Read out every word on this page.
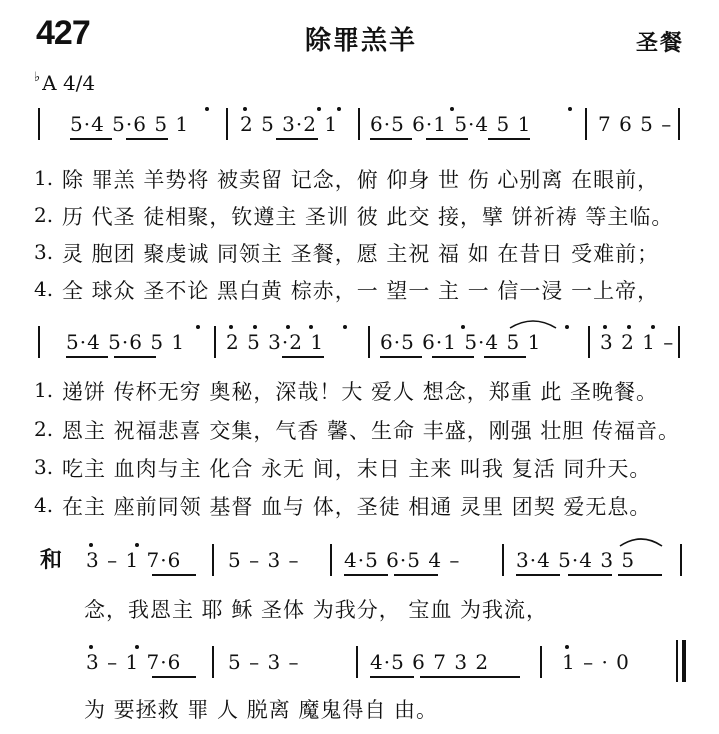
427	除罪羔羊	圣餐
♭ A 4/4
5·4 5·6 5 1	2 5 3·2 1 6·5 6·1 5·4 5 1	7 6 5 –
1. 除 罪羔 羊势将 被卖留 记念，俯 仰身 世 伤 心别离 在眼前，
2. 历 代圣 徒相聚，钦遵主 圣训 彼 此交 接，擘 饼祈祷 等主临。
3. 灵 胞团 聚虔诚 同领主 圣餐，愿 主祝 福 如 在昔日 受难前；
4. 全 球众 圣不论 黑白黄 棕赤，一 望一 主 一 信一浸 一上帝，
5·4 5·6 5 1 2 5 3·2 1	6·5 6·1 5·4 5 1	3 2 1 –
1. 递饼 传杯无穷 奥秘，深哉！大 爱人 想念，郑重 此 圣晚餐。
2. 恩主 祝福悲喜 交集，气香 馨、生命 丰盛，刚强 壮胆 传福音。
3. 吃主 血肉与主 化合 永无 间，末日 主来 叫我 复活 同升天。
4. 在主 座前同领 基督 血与 体，圣徒 相通 灵里 团契 爱无息。
和 3 – 1 7·6 5 – 3 – 4·5 6·5 4 –	3·4 5·4 3 5
念，我恩主 耶 稣 圣体 为我分， 宝血 为我流，
3 – 1 7·6 5 – 3 –	4·5 6 7 3 2	1 – · 0
为 要拯救 罪 人 脱离 魔鬼得自 由。
